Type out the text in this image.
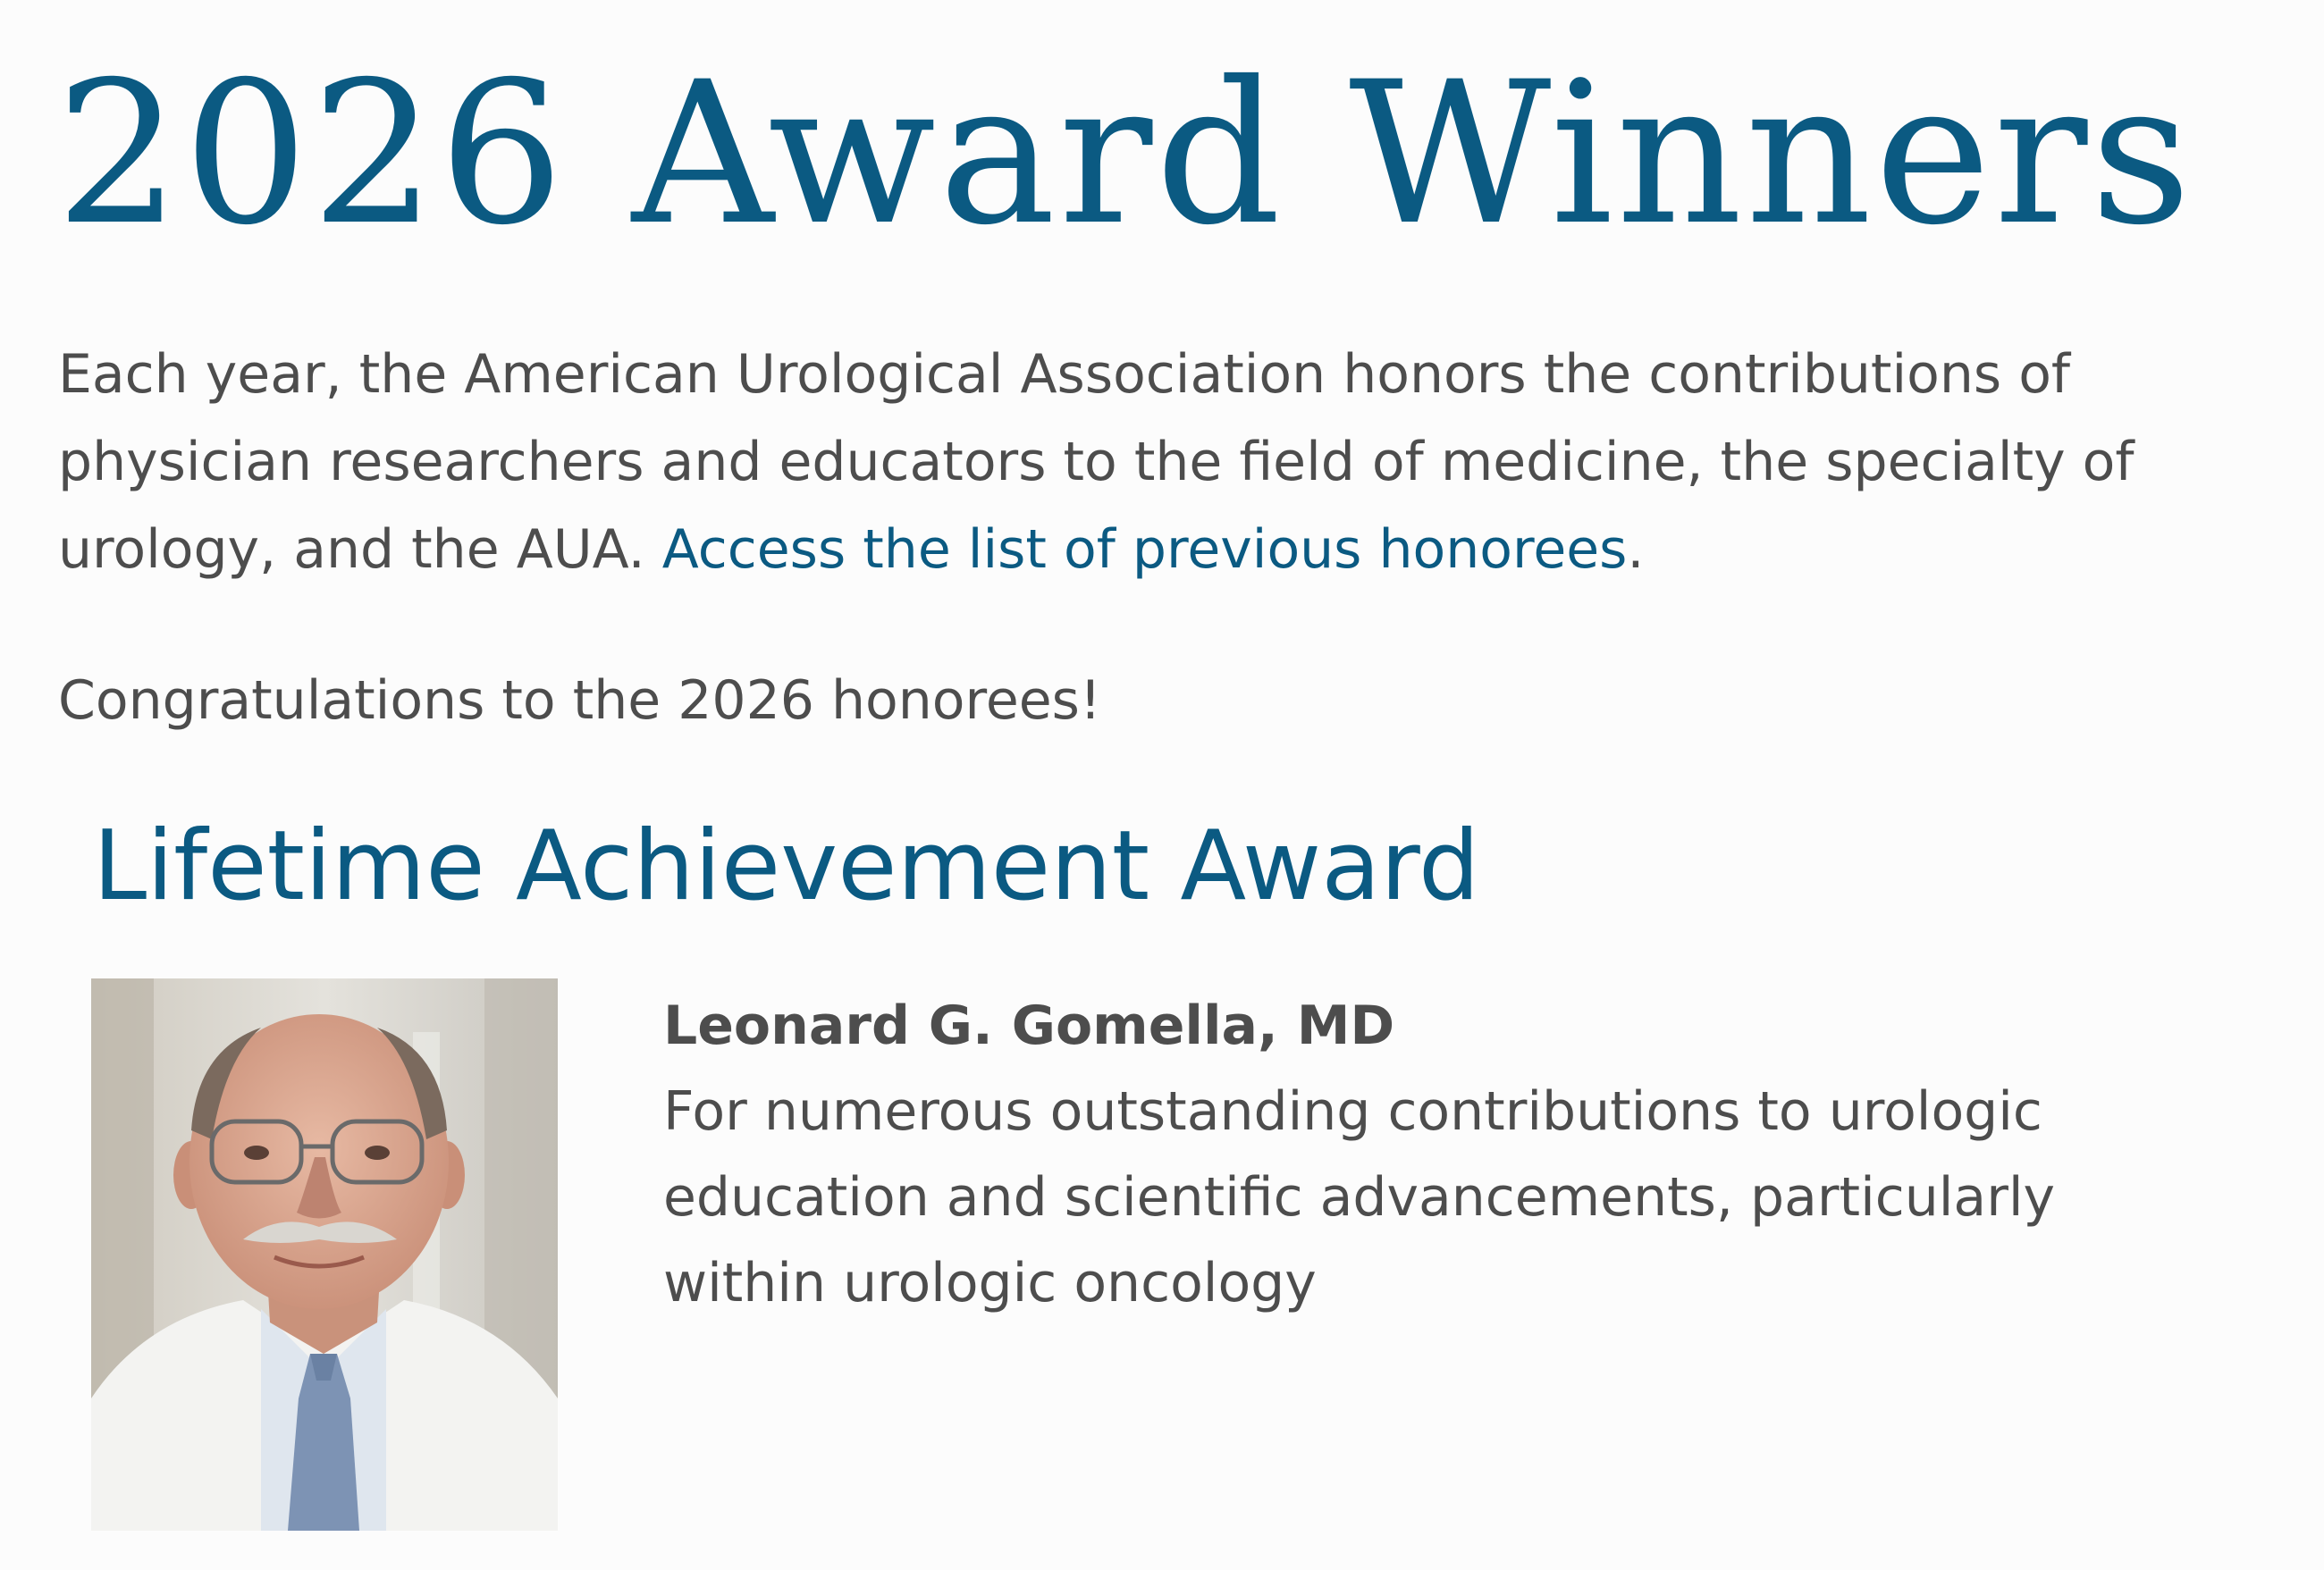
2026 Award Winners

Each year, the American Urological Association honors the contributions of physician researchers and educators to the field of medicine, the specialty of urology, and the AUA. Access the list of previous honorees.

Congratulations to the 2026 honorees!

Lifetime Achievement Award

Leonard G. Gomella, MD

For numerous outstanding contributions to urologic education and scientific advancements, particularly within urologic oncology
